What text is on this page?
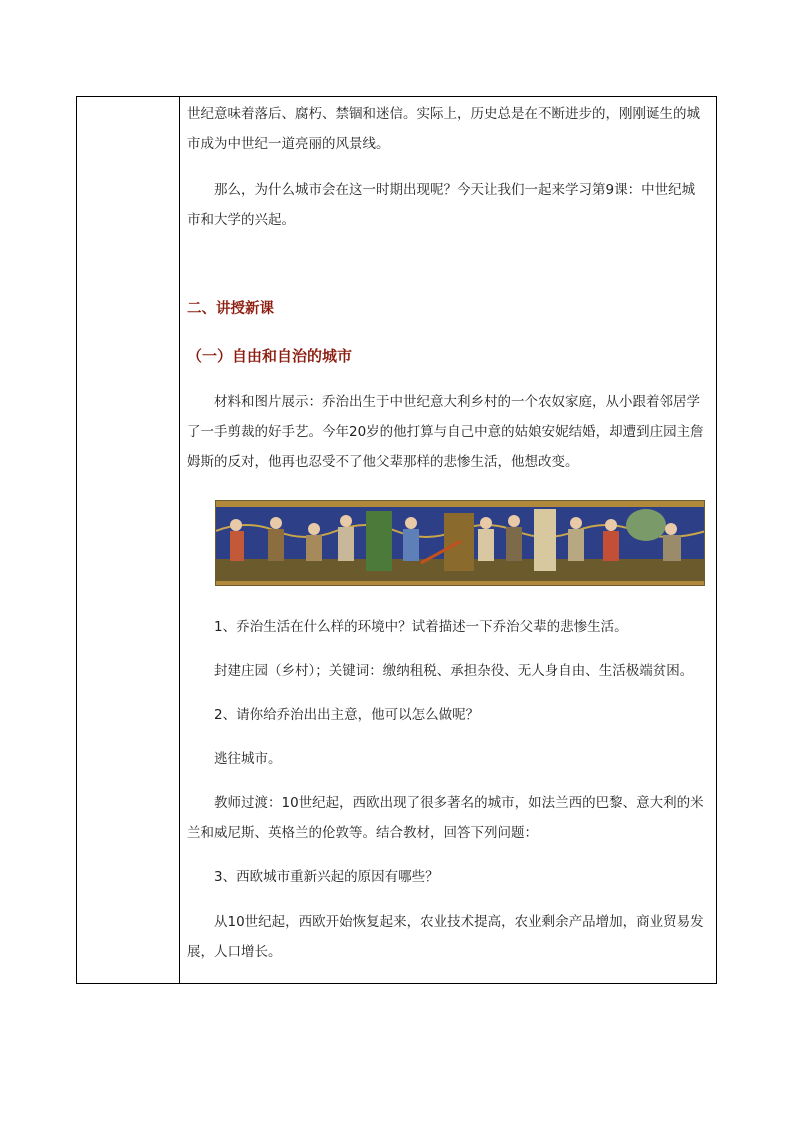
世纪意味着落后、腐朽、禁锢和迷信。实际上，历史总是在不断进步的，刚刚诞生的城市成为中世纪一道亮丽的风景线。

那么，为什么城市会在这一时期出现呢？今天让我们一起来学习第9课：中世纪城市和大学的兴起。

二、讲授新课
（一）自由和自治的城市

材料和图片展示：乔治出生于中世纪意大利乡村的一个农奴家庭，从小跟着邻居学了一手剪裁的好手艺。今年20岁的他打算与自己中意的姑娘安妮结婚，却遭到庄园主詹姆斯的反对，他再也忍受不了他父辈那样的悲惨生活，他想改变。

1、乔治生活在什么样的环境中？试着描述一下乔治父辈的悲惨生活。

封建庄园（乡村）；关键词：缴纳租税、承担杂役、无人身自由、生活极端贫困。

2、请你给乔治出出主意，他可以怎么做呢？

逃往城市。

教师过渡：10世纪起，西欧出现了很多著名的城市，如法兰西的巴黎、意大利的米兰和威尼斯、英格兰的伦敦等。结合教材，回答下列问题：

3、西欧城市重新兴起的原因有哪些？

从10世纪起，西欧开始恢复起来，农业技术提高，农业剩余产品增加，商业贸易发展，人口增长。
